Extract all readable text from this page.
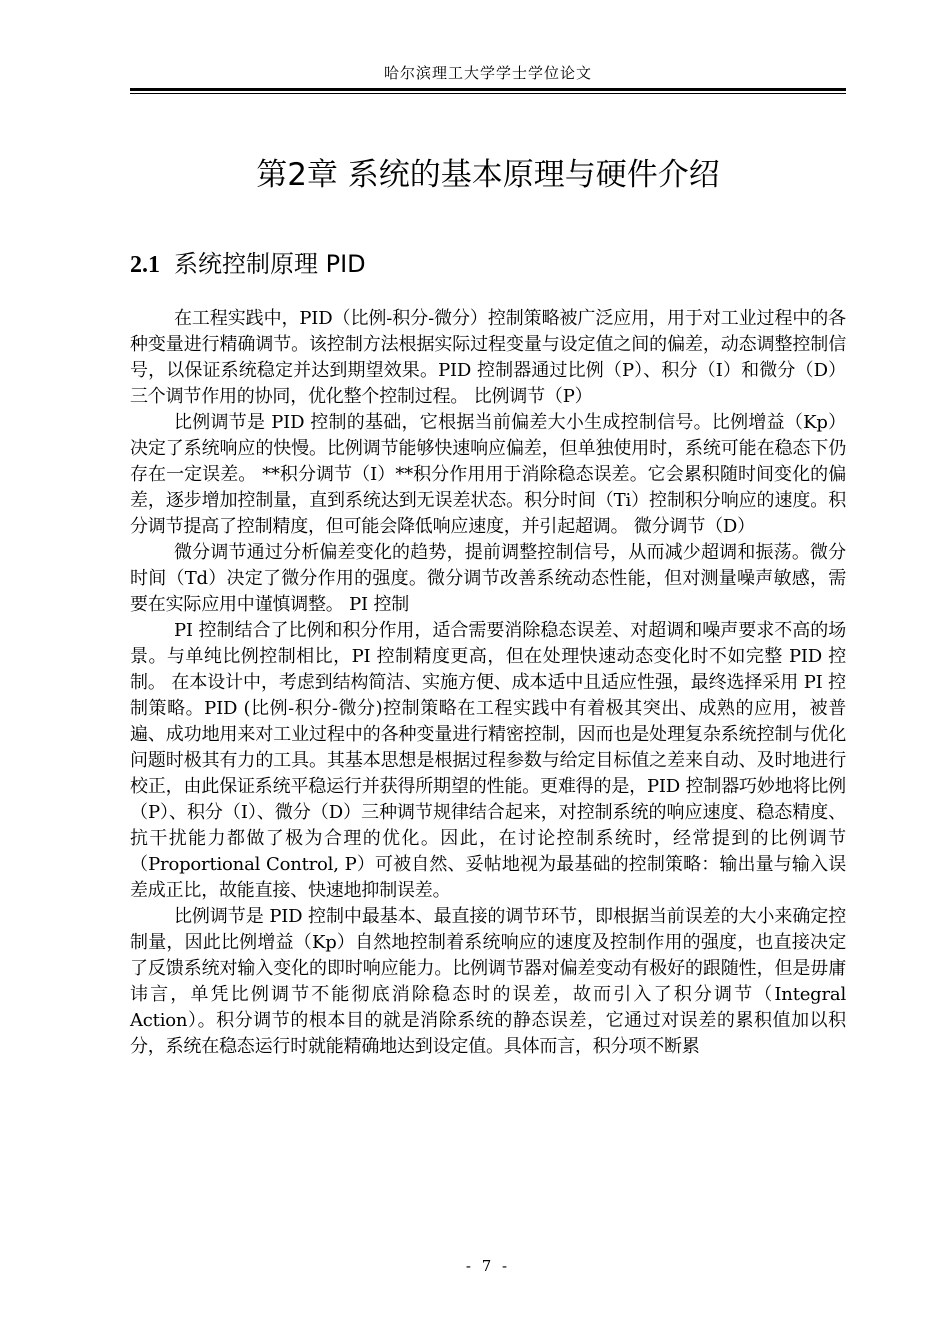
哈尔滨理工大学学士学位论文
第2章 系统的基本原理与硬件介绍
2.1 系统控制原理 PID

在工程实践中，PID（比例-积分-微分）控制策略被广泛应用，用于对工业过程中的各种变量进行精确调节。该控制方法根据实际过程变量与设定值之间的偏差，动态调整控制信号，以保证系统稳定并达到期望效果。PID 控制器通过比例（P）、积分（I）和微分（D）三个调节作用的协同，优化整个控制过程。 比例调节（P）

比例调节是 PID 控制的基础，它根据当前偏差大小生成控制信号。比例增益（Kp）决定了系统响应的快慢。比例调节能够快速响应偏差，但单独使用时，系统可能在稳态下仍存在一定误差。 **积分调节（I）**积分作用用于消除稳态误差。它会累积随时间变化的偏差，逐步增加控制量，直到系统达到无误差状态。积分时间（Ti）控制积分响应的速度。积分调节提高了控制精度，但可能会降低响应速度，并引起超调。 微分调节（D）

微分调节通过分析偏差变化的趋势，提前调整控制信号，从而减少超调和振荡。微分时间（Td）决定了微分作用的强度。微分调节改善系统动态性能，但对测量噪声敏感，需要在实际应用中谨慎调整。 PI 控制

PI 控制结合了比例和积分作用，适合需要消除稳态误差、对超调和噪声要求不高的场景。与单纯比例控制相比，PI 控制精度更高，但在处理快速动态变化时不如完整 PID 控制。 在本设计中，考虑到结构简洁、实施方便、成本适中且适应性强，最终选择采用 PI 控制策略。PID (比例-积分-微分)控制策略在工程实践中有着极其突出、成熟的应用，被普遍、成功地用来对工业过程中的各种变量进行精密控制，因而也是处理复杂系统控制与优化问题时极其有力的工具。其基本思想是根据过程参数与给定目标值之差来自动、及时地进行校正，由此保证系统平稳运行并获得所期望的性能。更难得的是，PID 控制器巧妙地将比例（P）、积分（I）、微分（D）三种调节规律结合起来，对控制系统的响应速度、稳态精度、抗干扰能力都做了极为合理的优化。因此，在讨论控制系统时，经常提到的比例调节（Proportional Control, P）可被自然、妥帖地视为最基础的控制策略：输出量与输入误差成正比，故能直接、快速地抑制误差。

比例调节是 PID 控制中最基本、最直接的调节环节，即根据当前误差的大小来确定控制量，因此比例增益（Kp）自然地控制着系统响应的速度及控制作用的强度，也直接决定了反馈系统对输入变化的即时响应能力。比例调节器对偏差变动有极好的跟随性，但是毋庸讳言，单凭比例调节不能彻底消除稳态时的误差，故而引入了积分调节（Integral Action）。积分调节的根本目的就是消除系统的静态误差，它通过对误差的累积值加以积分，系统在稳态运行时就能精确地达到设定值。具体而言，积分项不断累

- 7 -
